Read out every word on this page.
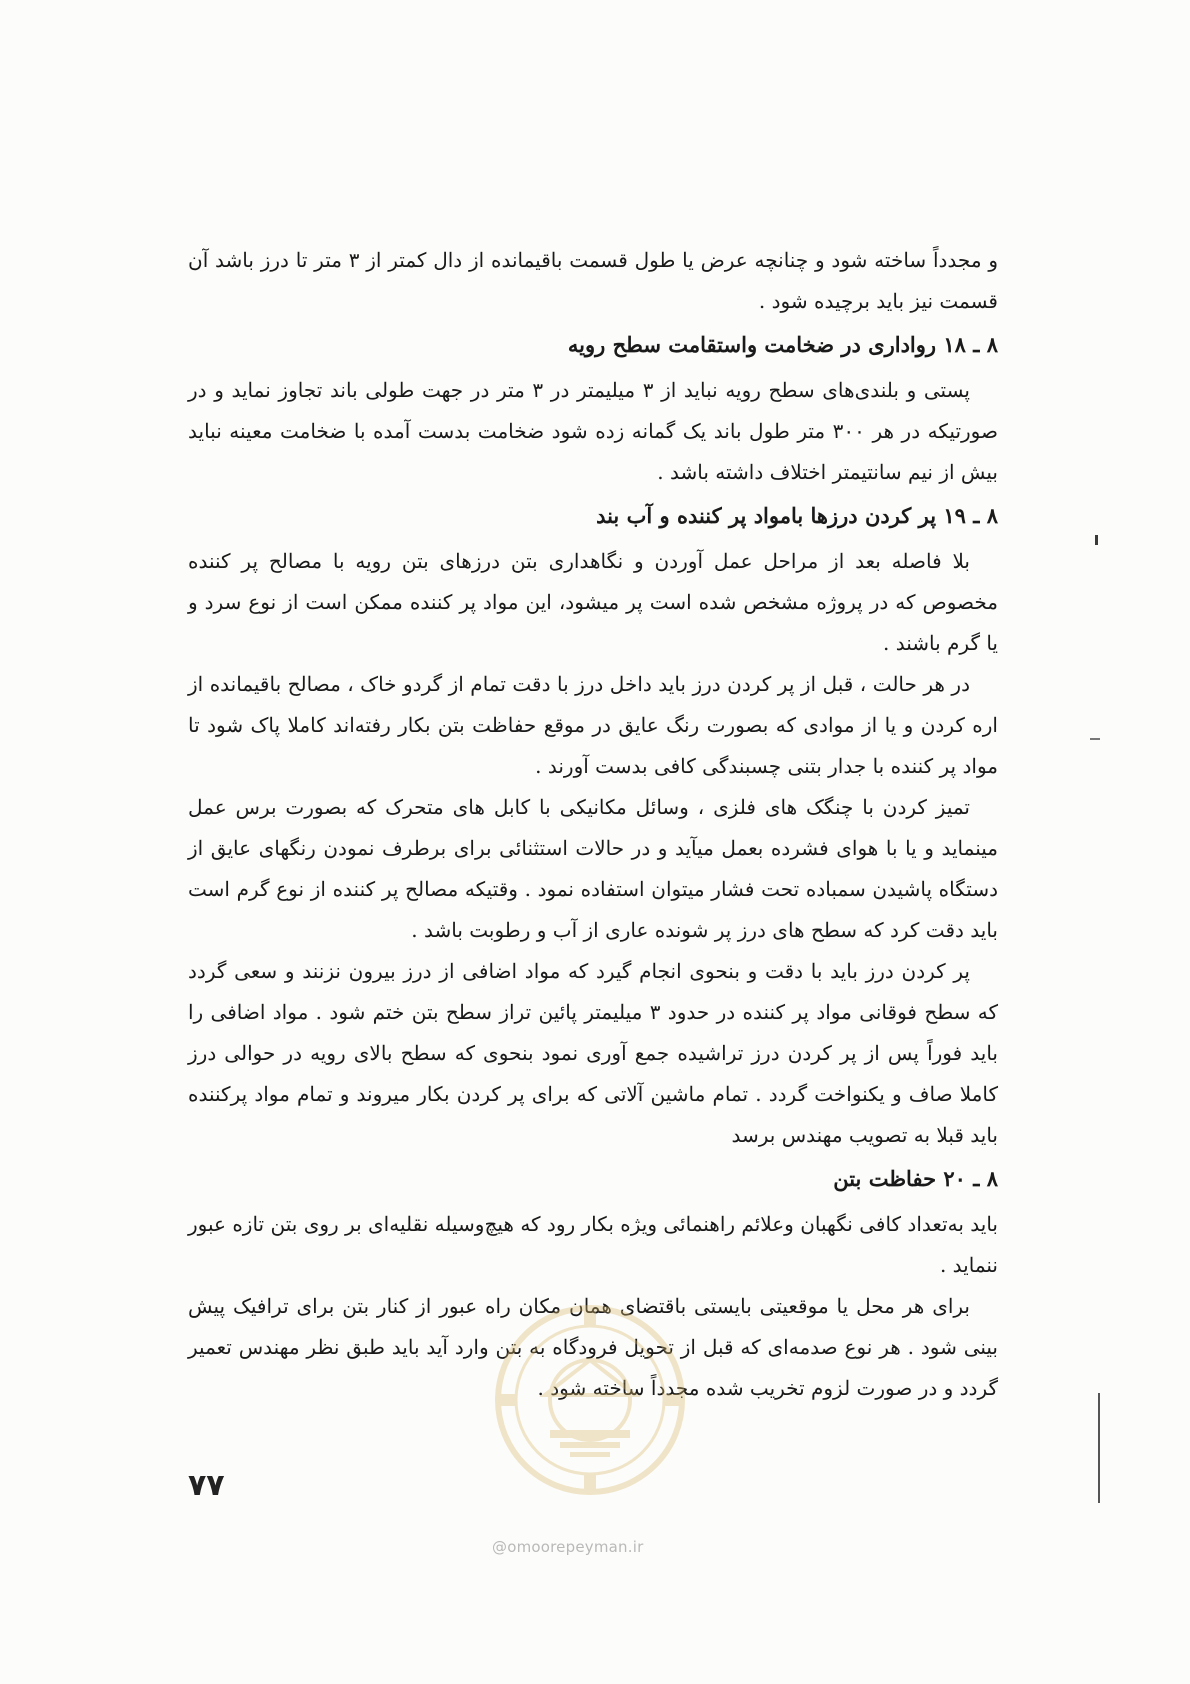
و مجدداً ساخته شود و چنانچه عرض یا طول قسمت باقیمانده از دال کمتر از ۳ متر تا درز باشد آن قسمت نیز باید برچیده شود .

۸ ـ ۱۸ رواداری در ضخامت واستقامت سطح رویه

پستی و بلندی‌های سطح رویه نباید از ۳ میلیمتر در ۳ متر در جهت طولی باند تجاوز نماید و در صورتیکه در هر ۳۰۰ متر طول باند یک گمانه زده شود ضخامت بدست آمده با ضخامت معینه نباید بیش از نیم سانتیمتر اختلاف داشته باشد .

۸ ـ ۱۹ پر کردن درزها بامواد پر کننده و آب بند

بلا فاصله بعد از مراحل عمل آوردن و نگاهداری بتن درزهای بتن رویه با مصالح پر کننده مخصوص که در پروژه مشخص شده است پر میشود، این مواد پر کننده ممکن است از نوع سرد و یا گرم باشند .

در هر حالت ، قبل از پر کردن درز باید داخل درز با دقت تمام از گردو خاک ، مصالح باقیمانده از اره کردن و یا از موادی که بصورت رنگ عایق در موقع حفاظت بتن بکار رفته‌اند کاملا پاک شود تا مواد پر کننده با جدار بتنی چسبندگی کافی بدست آورند .

تمیز کردن با چنگک های فلزی ، وسائل مکانیکی با کابل های متحرک که بصورت برس عمل مینماید و یا با هوای فشرده بعمل میآید و در حالات استثنائی برای برطرف نمودن رنگهای عایق از دستگاه پاشیدن سمباده تحت فشار میتوان استفاده نمود . وقتیکه مصالح پر کننده از نوع گرم است باید دقت کرد که سطح های درز پر شونده عاری از آب و رطوبت باشد .

پر کردن درز باید با دقت و بنحوی انجام گیرد که مواد اضافی از درز بیرون نزنند و سعی گردد که سطح فوقانی مواد پر کننده در حدود ۳ میلیمتر پائین تراز سطح بتن ختم شود . مواد اضافی را باید فوراً پس از پر کردن درز تراشیده جمع آوری نمود بنحوی که سطح بالای رویه در حوالی درز کاملا صاف و یکنواخت گردد . تمام ماشین آلاتی که برای پر کردن بکار میروند و تمام مواد پرکننده باید قبلا به تصویب مهندس برسد

۸ ـ ۲۰ حفاظت بتن

باید به‌تعداد کافی نگهبان وعلائم راهنمائی ویژه بکار رود که هیچ‌وسیله نقلیه‌ای بر روی بتن تازه عبور ننماید .

برای هر محل یا موقعیتی بایستی باقتضای همان مکان راه عبور از کنار بتن برای ترافیک پیش بینی شود . هر نوع صدمه‌ای که قبل از تحویل فرودگاه به بتن وارد آید باید طبق نظر مهندس تعمیر گردد و در صورت لزوم تخریب شده مجدداً ساخته شود .

۷۷
@omoorepeyman.ir
